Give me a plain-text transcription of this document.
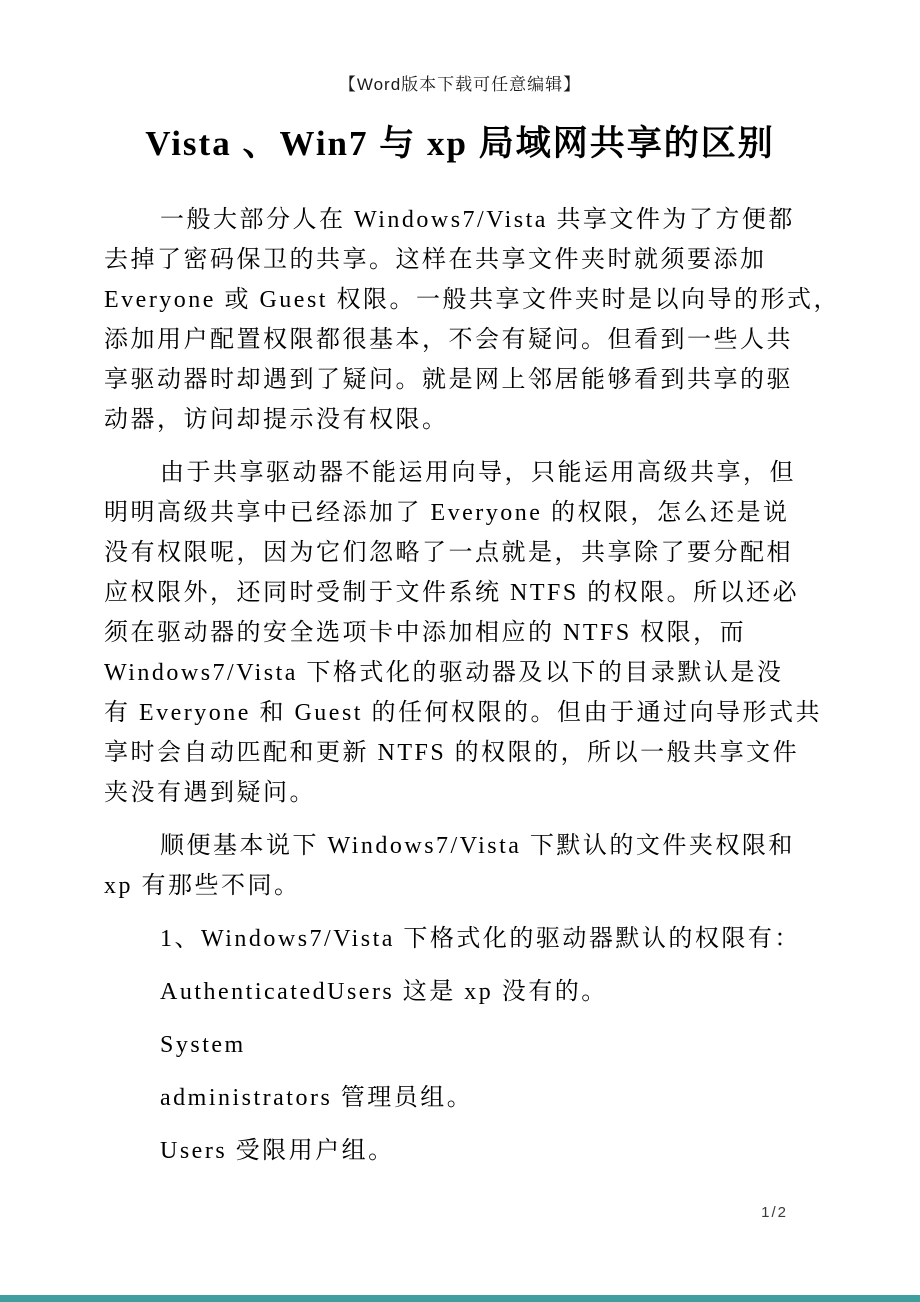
【Word版本下载可任意编辑】
Vista 、Win7 与 xp 局域网共享的区别
一般大部分人在 Windows7/Vista 共享文件为了方便都
去掉了密码保卫的共享。这样在共享文件夹时就须要添加
Everyone 或 Guest 权限。一般共享文件夹时是以向导的形式，
添加用户配置权限都很基本，不会有疑问。但看到一些人共
享驱动器时却遇到了疑问。就是网上邻居能够看到共享的驱
动器，访问却提示没有权限。
由于共享驱动器不能运用向导，只能运用高级共享，但
明明高级共享中已经添加了 Everyone 的权限，怎么还是说
没有权限呢，因为它们忽略了一点就是，共享除了要分配相
应权限外，还同时受制于文件系统 NTFS 的权限。所以还必
须在驱动器的安全选项卡中添加相应的 NTFS 权限，而
Windows7/Vista 下格式化的驱动器及以下的目录默认是没
有 Everyone 和 Guest 的任何权限的。但由于通过向导形式共
享时会自动匹配和更新 NTFS 的权限的，所以一般共享文件
夹没有遇到疑问。
顺便基本说下 Windows7/Vista 下默认的文件夹权限和
xp 有那些不同。
1、Windows7/Vista 下格式化的驱动器默认的权限有：
AuthenticatedUsers 这是 xp 没有的。
System
administrators 管理员组。
Users 受限用户组。
1/2
